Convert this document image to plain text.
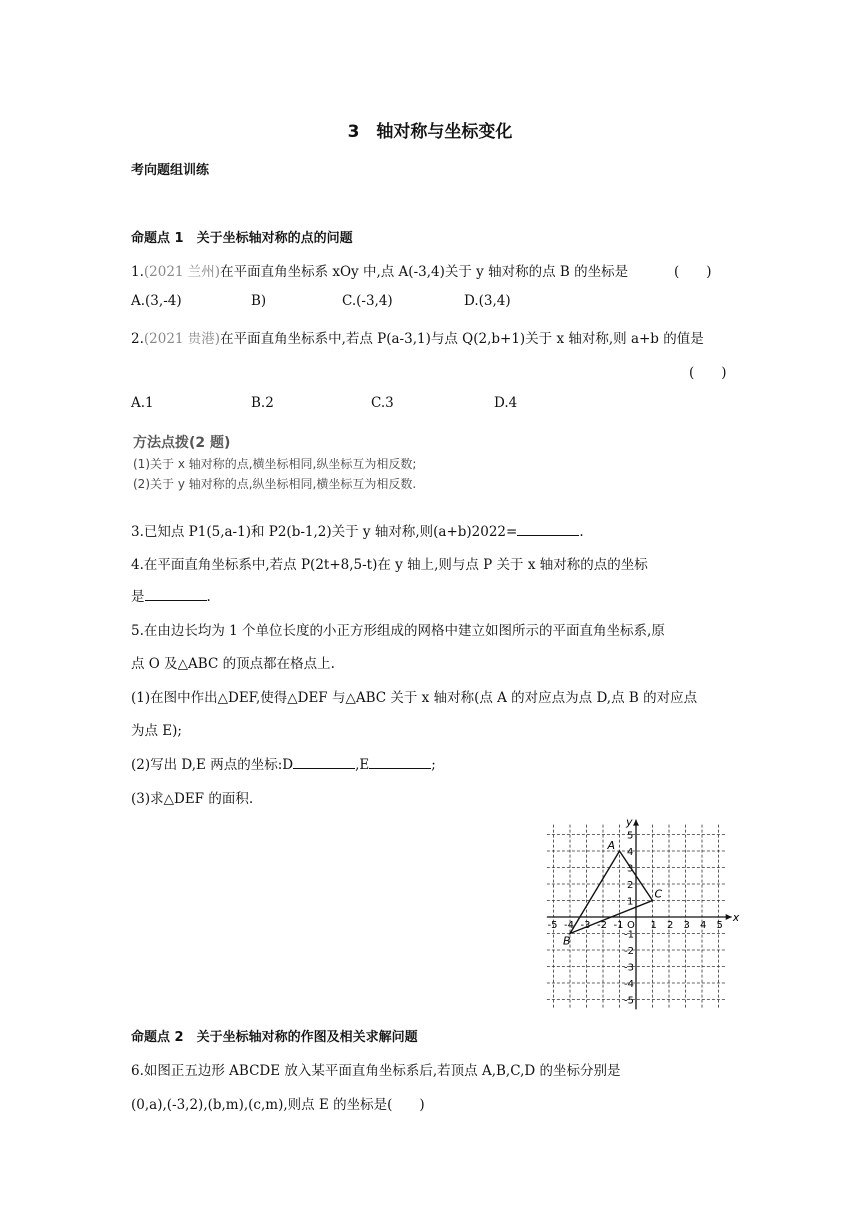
3　轴对称与坐标变化
考向题组训练
命题点 1　关于坐标轴对称的点的问题
1.(2021 兰州)在平面直角坐标系 xOy 中,点 A(-3,4)关于 y 轴对称的点 B 的坐标是	(　　)
A.(3,-4)	B)	C.(-3,4)	D.(3,4)
2.(2021 贵港)在平面直角坐标系中,若点 P(a-3,1)与点 Q(2,b+1)关于 x 轴对称,则 a+b 的值是
(　　)
A.1	B.2	C.3	D.4
方法点拨(2 题)
(1)关于 x 轴对称的点,横坐标相同,纵坐标互为相反数;
(2)关于 y 轴对称的点,纵坐标相同,横坐标互为相反数.
3.已知点 P1(5,a-1)和 P2(b-1,2)关于 y 轴对称,则(a+b)2022=	.
4.在平面直角坐标系中,若点 P(2t+8,5-t)在 y 轴上,则与点 P 关于 x 轴对称的点的坐标
是	.
5.在由边长均为 1 个单位长度的小正方形组成的网格中建立如图所示的平面直角坐标系,原
点 O 及△ABC 的顶点都在格点上.
(1)在图中作出△DEF,使得△DEF 与△ABC 关于 x 轴对称(点 A 的对应点为点 D,点 B 的对应点
为点 E);
(2)写出 D,E 两点的坐标:D	,E	;
(3)求△DEF 的面积.
-5 -4 -3 -2 -1	1 2 3 4 5
5
4
3
2
1
-1
-2
-3
-4
-5
A
B
C
x
y
O
命题点 2　关于坐标轴对称的作图及相关求解问题
6.如图正五边形 ABCDE 放入某平面直角坐标系后,若顶点 A,B,C,D 的坐标分别是
(0,a),(-3,2),(b,m),(c,m),则点 E 的坐标是(　　)
